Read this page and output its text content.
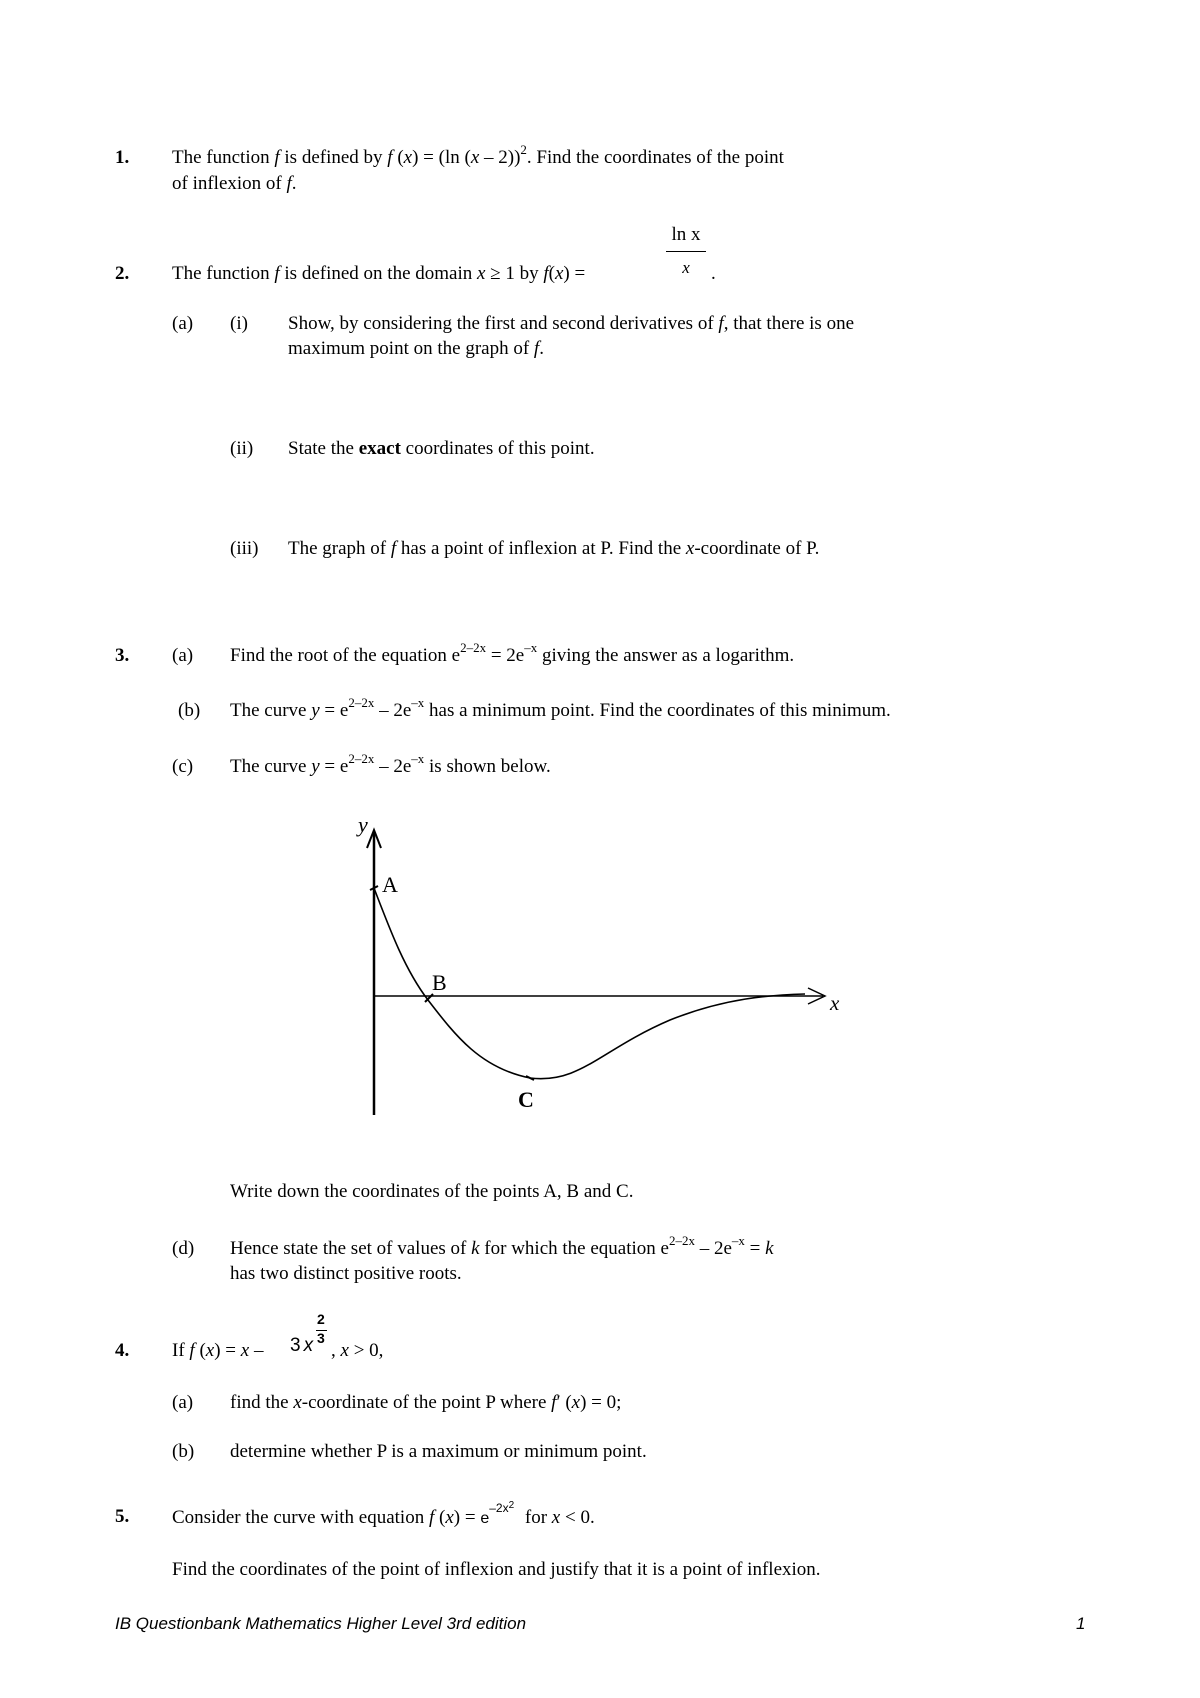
1. The function f is defined by f (x) = (ln (x – 2))$^2$. Find the coordinates of the point
of inflexion of f.
2. The function f is defined on the domain x ≥ 1 by f(x) =
ln x
x	.
(a) (i) Show, by considering the first and second derivatives of f, that there is one
maximum point on the graph of f.
(ii) State the exact coordinates of this point.
(iii) The graph of f has a point of inflexion at P. Find the x-coordinate of P.
3. (a) Find the root of the equation $e^{2-2x} = 2e^{-x}$ giving the answer as a logarithm.
(b) The curve $y = e^{2-2x} - 2e^{-x}$ has a minimum point. Find the coordinates of this minimum.
(c) The curve $y = e^{2-2x} - 2e^{-x}$ is shown below.
y
x
A
B
C
Write down the coordinates of the points A, B and C.
(d) Hence state the set of values of k for which the equation $e^{2-2x} - 2e^{-x} = k$
has two distinct positive roots.
4. If f (x) = x – 3 x
2
3
, x > 0,
(a) find the x-coordinate of the point P where f′ (x) = 0;
(b) determine whether P is a maximum or minimum point.
5. Consider the curve with equation f $(x) = e^{-2x^2}$ for x < 0.
Find the coordinates of the point of inflexion and justify that it is a point of inflexion.
IB Questionbank Mathematics Higher Level 3rd edition	1
